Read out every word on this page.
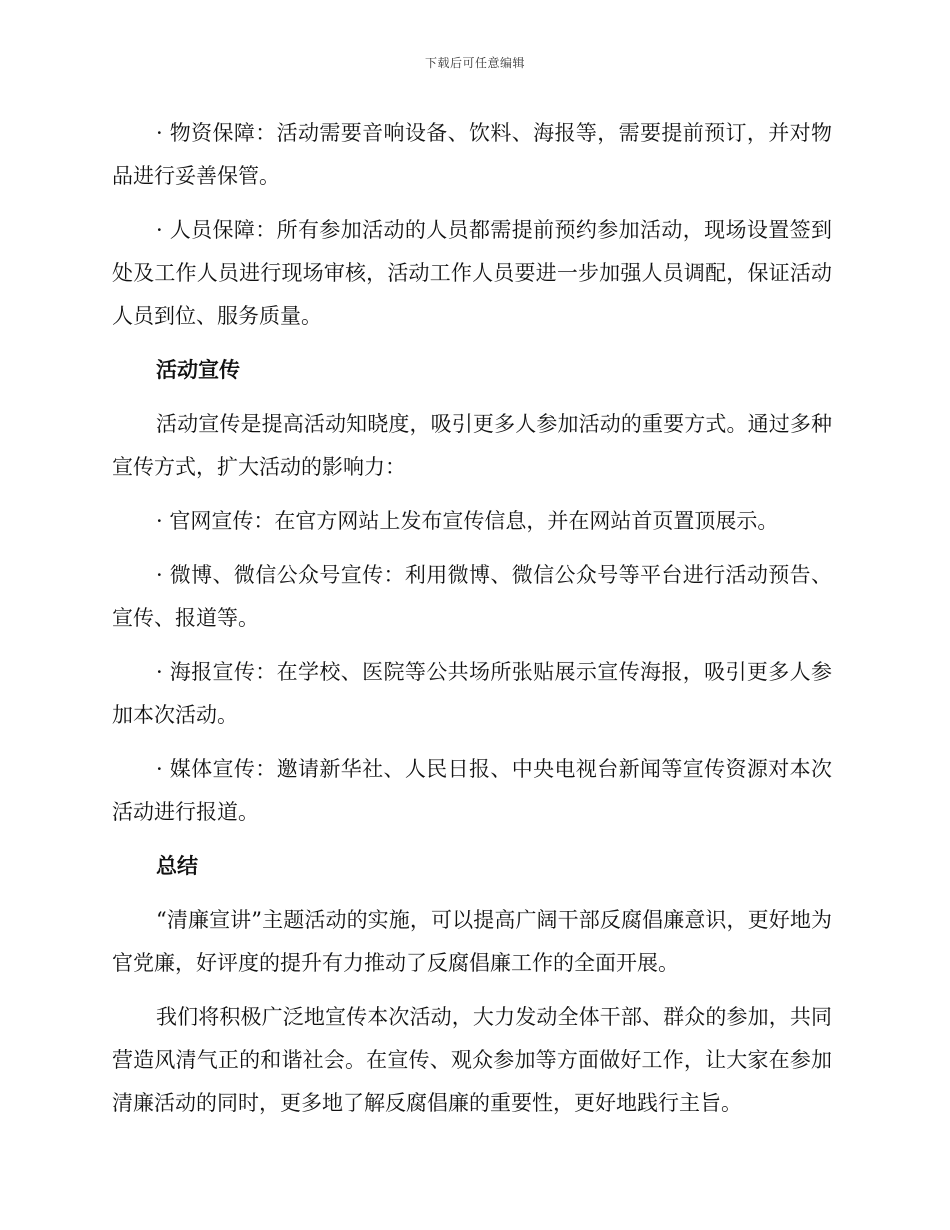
下载后可任意编辑

· 物资保障：活动需要音响设备、饮料、海报等，需要提前预订，并对物品进行妥善保管。

· 人员保障：所有参加活动的人员都需提前预约参加活动，现场设置签到处及工作人员进行现场审核，活动工作人员要进一步加强人员调配，保证活动人员到位、服务质量。

活动宣传

活动宣传是提高活动知晓度，吸引更多人参加活动的重要方式。通过多种宣传方式，扩大活动的影响力：

· 官网宣传：在官方网站上发布宣传信息，并在网站首页置顶展示。

· 微博、微信公众号宣传：利用微博、微信公众号等平台进行活动预告、宣传、报道等。

· 海报宣传：在学校、医院等公共场所张贴展示宣传海报，吸引更多人参加本次活动。

· 媒体宣传：邀请新华社、人民日报、中央电视台新闻等宣传资源对本次活动进行报道。

总结

“清廉宣讲”主题活动的实施，可以提高广阔干部反腐倡廉意识，更好地为官党廉，好评度的提升有力推动了反腐倡廉工作的全面开展。

我们将积极广泛地宣传本次活动，大力发动全体干部、群众的参加，共同营造风清气正的和谐社会。在宣传、观众参加等方面做好工作，让大家在参加清廉活动的同时，更多地了解反腐倡廉的重要性，更好地践行主旨。
